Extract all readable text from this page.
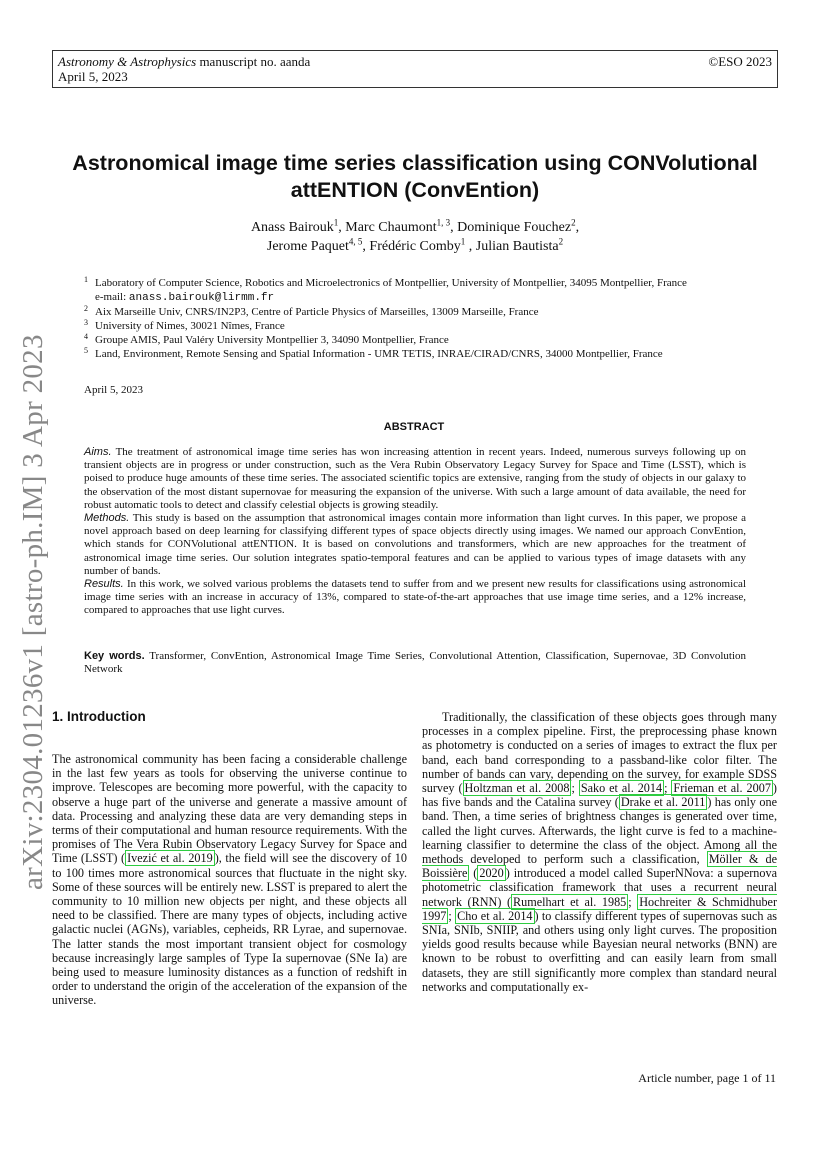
Astronomy & Astrophysics manuscript no. aanda
April 5, 2023
©ESO 2023
arXiv:2304.01236v1 [astro-ph.IM] 3 Apr 2023
Astronomical image time series classification using CONVolutional attENTION (ConvEntion)
Anass Bairouk$^1$, Marc Chaumont$^{1, 3}$, Dominique Fouchez$^2$,
Jerome Paquet$^{4, 5}$, Frédéric Comby$^1$ , Julian Bautista$^2$
1 Laboratory of Computer Science, Robotics and Microelectronics of Montpellier, University of Montpellier, 34095 Montpellier, France
e-mail: anass.bairouk@lirmm.fr
2 Aix Marseille Univ, CNRS/IN2P3, Centre of Particle Physics of Marseilles, 13009 Marseille, France
3 University of Nimes, 30021 Nîmes, France
4 Groupe AMIS, Paul Valéry University Montpellier 3, 34090 Montpellier, France
5 Land, Environment, Remote Sensing and Spatial Information - UMR TETIS, INRAE/CIRAD/CNRS, 34000 Montpellier, France
April 5, 2023
ABSTRACT

Aims. The treatment of astronomical image time series has won increasing attention in recent years. Indeed, numerous surveys following up on transient objects are in progress or under construction, such as the Vera Rubin Observatory Legacy Survey for Space and Time (LSST), which is poised to produce huge amounts of these time series. The associated scientific topics are extensive, ranging from the study of objects in our galaxy to the observation of the most distant supernovae for measuring the expansion of the universe. With such a large amount of data available, the need for robust automatic tools to detect and classify celestial objects is growing steadily.

Methods. This study is based on the assumption that astronomical images contain more information than light curves. In this paper, we propose a novel approach based on deep learning for classifying different types of space objects directly using images. We named our approach ConvEntion, which stands for CONVolutional attENTION. It is based on convolutions and transformers, which are new approaches for the treatment of astronomical image time series. Our solution integrates spatio-temporal features and can be applied to various types of image datasets with any number of bands.

Results. In this work, we solved various problems the datasets tend to suffer from and we present new results for classifications using astronomical image time series with an increase in accuracy of 13%, compared to state-of-the-art approaches that use image time series, and a 12% increase, compared to approaches that use light curves.

Key words. Transformer, ConvEntion, Astronomical Image Time Series, Convolutional Attention, Classification, Supernovae, 3D Convolution Network
1. Introduction

The astronomical community has been facing a considerable challenge in the last few years as tools for observing the universe continue to improve. Telescopes are becoming more powerful, with the capacity to observe a huge part of the universe and generate a massive amount of data. Processing and analyzing these data are very demanding steps in terms of their computational and human resource requirements. With the promises of The Vera Rubin Observatory Legacy Survey for Space and Time (LSST) ( Ivezić et al. 2019 ), the field will see the discovery of 10 to 100 times more astronomical sources that fluctuate in the night sky. Some of these sources will be entirely new. LSST is prepared to alert the community to 10 million new objects per night, and these objects all need to be classified. There are many types of objects, including active galactic nuclei (AGNs), variables, cepheids, RR Lyrae, and supernovae. The latter stands the most important transient object for cosmology because increasingly large samples of Type Ia supernovae (SNe Ia) are being used to measure luminosity distances as a function of redshift in order to understand the origin of the acceleration of the expansion of the universe.

Traditionally, the classification of these objects goes through many processes in a complex pipeline. First, the preprocessing phase known as photometry is conducted on a series of images to extract the flux per band, each band corresponding to a passband-like color filter. The number of bands can vary, depending on the survey, for example SDSS survey ( Holtzman et al. 2008 ; Sako et al. 2014 ; Frieman et al. 2007 ) has five bands and the Catalina survey ( Drake et al. 2011 ) has only one band. Then, a time series of brightness changes is generated over time, called the light curves. Afterwards, the light curve is fed to a machine-learning classifier to determine the class of the object. Among all the methods developed to perform such a classification, Möller & de Boissière ( 2020 ) introduced a model called SuperNNova: a supernova photometric classification framework that uses a recurrent neural network (RNN) ( Rumelhart et al. 1985 ; Hochreiter & Schmidhuber 1997 ; Cho et al. 2014 ) to classify different types of supernovas such as SNIa, SNIb, SNIIP, and others using only light curves. The proposition yields good results because while Bayesian neural networks (BNN) are known to be robust to overfitting and can easily learn from small datasets, they are still significantly more complex than standard neural networks and computationally ex-

Article number, page 1 of 11
